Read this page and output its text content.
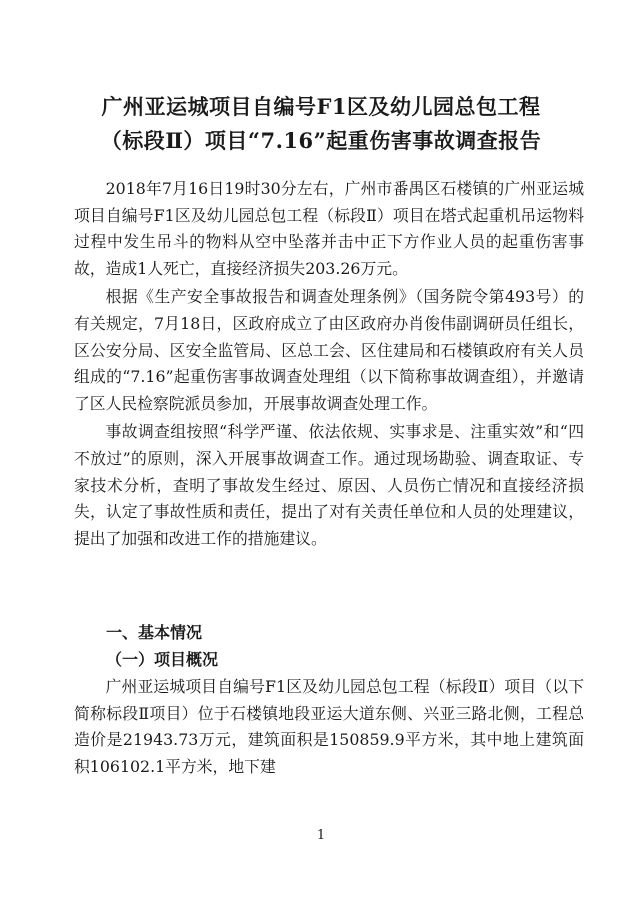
广州亚运城项目自编号F1区及幼儿园总包工程
（标段Ⅱ）项目“7.16”起重伤害事故调查报告

2018年7月16日19时30分左右，广州市番禺区石楼镇的广州亚运城项目自编号F1区及幼儿园总包工程（标段Ⅱ）项目在塔式起重机吊运物料过程中发生吊斗的物料从空中坠落并击中正下方作业人员的起重伤害事故，造成1人死亡，直接经济损失203.26万元。

根据《生产安全事故报告和调查处理条例》（国务院令第493号）的有关规定，7月18日，区政府成立了由区政府办肖俊伟副调研员任组长，区公安分局、区安全监管局、区总工会、区住建局和石楼镇政府有关人员组成的“7.16”起重伤害事故调查处理组（以下简称事故调查组），并邀请了区人民检察院派员参加，开展事故调查处理工作。

事故调查组按照“科学严谨、依法依规、实事求是、注重实效”和“四不放过”的原则，深入开展事故调查工作。通过现场勘验、调查取证、专家技术分析，查明了事故发生经过、原因、人员伤亡情况和直接经济损失，认定了事故性质和责任，提出了对有关责任单位和人员的处理建议，提出了加强和改进工作的措施建议。

一、基本情况
（一）项目概况

广州亚运城项目自编号F1区及幼儿园总包工程（标段Ⅱ）项目（以下简称标段Ⅱ项目）位于石楼镇地段亚运大道东侧、兴亚三路北侧，工程总造价是21943.73万元，建筑面积是150859.9平方米，其中地上建筑面积106102.1平方米，地下建

1
